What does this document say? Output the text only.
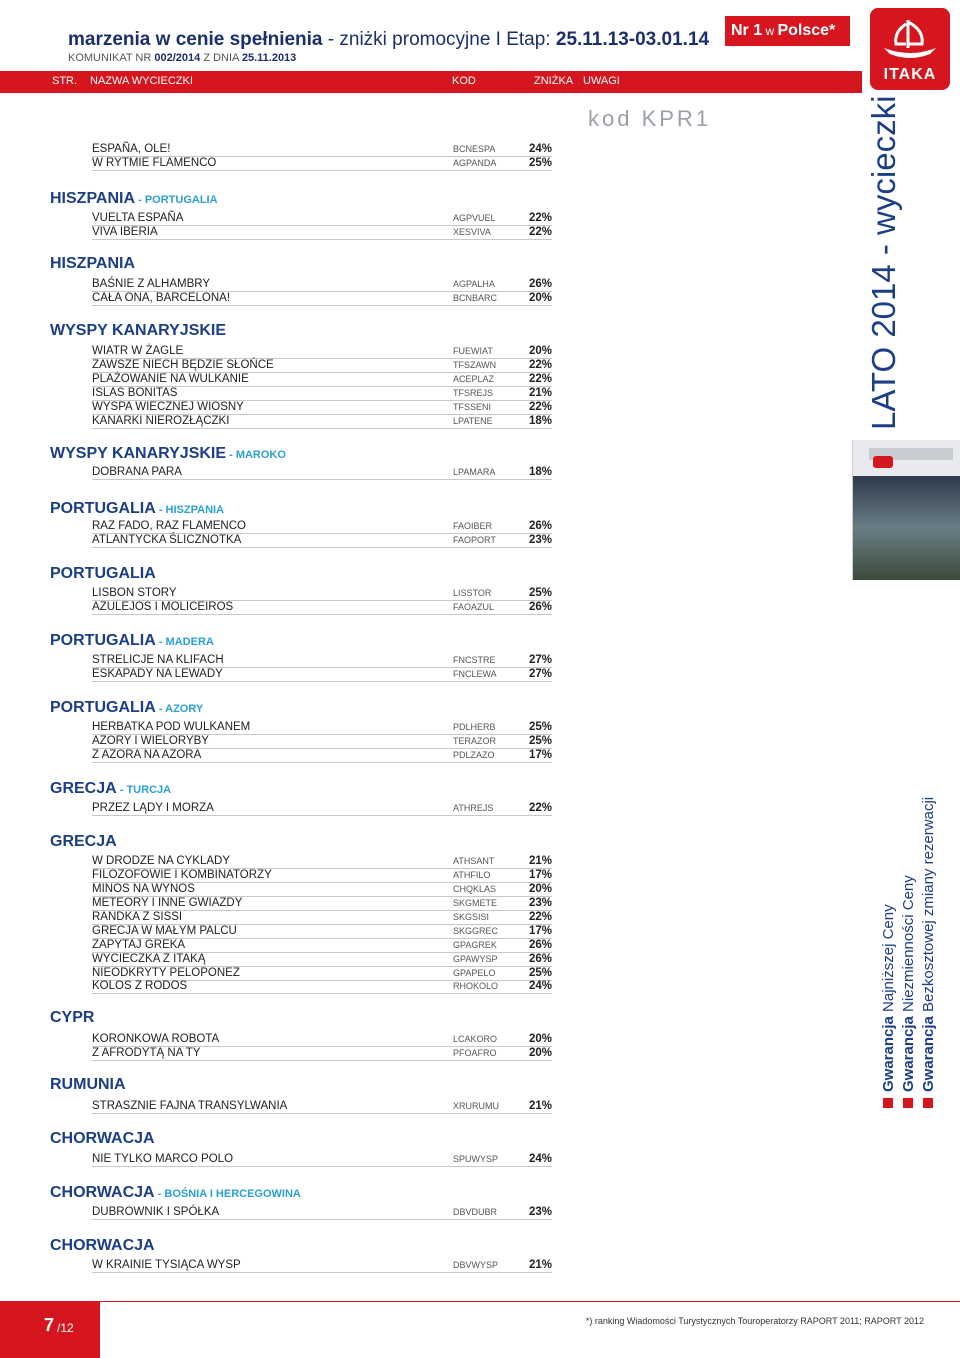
marzenia w cenie spełnienia - zniżki promocyjne I Etap: 25.11.13-03.01.14
KOMUNIKAT NR 002/2014 Z DNIA 25.11.2013
Nr 1 w Polsce*
ITAKA
STR. NAZWA WYCIECZKI	KOD	ZNIŻKA UWAGI
kod KPR1
ESPAÑA, OLE!	BCNESPA	24%
W RYTMIE FLAMENCO	AGPANDA	25%
HISZPANIA - PORTUGALIA
VUELTA ESPAÑA	AGPVUEL	22%
VIVA IBERIA	XESVIVA	22%
HISZPANIA
BAŚNIE Z ALHAMBRY	AGPALHA	26%
CAŁA ONA, BARCELONA!	BCNBARC	20%
WYSPY KANARYJSKIE
WIATR W ŻAGLE	FUEWIAT	20%
ZAWSZE NIECH BĘDZIE SŁOŃCE	TFSZAWN	22%
PLAŻOWANIE NA WULKANIE	ACEPLAZ	22%
ISLAS BONITAS	TFSREJS	21%
WYSPA WIECZNEJ WIOSNY	TFSSENI	22%
KANARKI NIEROZŁĄCZKI	LPATENE	18%
WYSPY KANARYJSKIE - MAROKO
DOBRANA PARA	LPAMARA	18%
PORTUGALIA - HISZPANIA
RAZ FADO, RAZ FLAMENCO	FAOIBER	26%
ATLANTYCKA ŚLICZNOTKA	FAOPORT	23%
PORTUGALIA
LISBON STORY	LISSTOR	25%
AZULEJOS I MOLICEIROS	FAOAZUL	26%
PORTUGALIA - MADERA
STRELICJE NA KLIFACH	FNCSTRE	27%
ESKAPADY NA LEWADY	FNCLEWA	27%
PORTUGALIA - AZORY
HERBATKA POD WULKANEM	PDLHERB	25%
AZORY I WIELORYBY	TERAZOR	25%
Z AZORA NA AZORA	PDLZAZO	17%
GRECJA - TURCJA
PRZEZ LĄDY I MORZA	ATHREJS	22%
GRECJA
W DRODZE NA CYKLADY	ATHSANT	21%
FILOZOFOWIE I KOMBINATORZY	ATHFILO	17%
MINOS NA WYNOS	CHQKLAS	20%
METEORY I INNE GWIAZDY	SKGMETE	23%
RANDKA Z SISSI	SKGSISI	22%
GRECJA W MAŁYM PALCU	SKGGREC	17%
ZAPYTAJ GREKA	GPAGREK	26%
WYCIECZKA Z ITAKĄ	GPAWYSP	26%
NIEODKRYTY PELOPONEZ	GPAPELO	25%
KOLOS Z RODOS	RHOKOLO	24%
CYPR
KORONKOWA ROBOTA	LCAKORO	20%
Z AFRODYTĄ NA TY	PFOAFRO	20%
RUMUNIA
STRASZNIE FAJNA TRANSYLWANIA	XRURUMU	21%
CHORWACJA
NIE TYLKO MARCO POLO	SPUWYSP	24%
CHORWACJA - BOŚNIA I HERCEGOWINA
DUBROWNIK I SPÓŁKA	DBVDUBR	23%
CHORWACJA
W KRAINIE TYSIĄCA WYSP	DBVWYSP	21%
LATO 2014 - wycieczki
Gwarancja Najniższej Ceny
Gwarancja Niezmienności Ceny
Gwarancja Bezkosztowej zmiany rezerwacji
7 /12	*) ranking Wiadomości Turystycznych Touroperatorzy RAPORT 2011; RAPORT 2012
